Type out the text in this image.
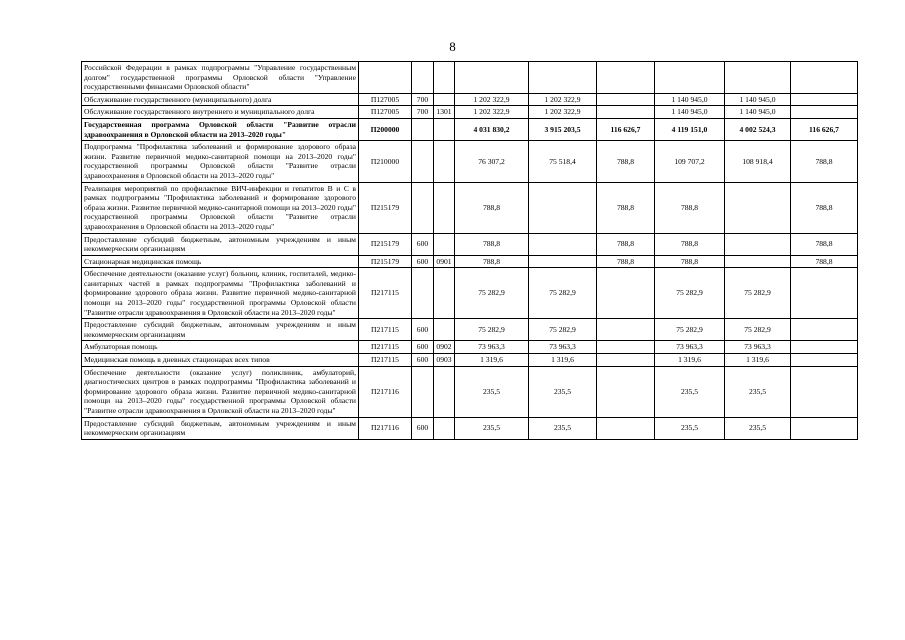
8
Российской Федерации в рамках подпрограммы "Управление государственным долгом" государственной программы Орловской области "Управление государственными финансами Орловской области"									
Обслуживание государственного (муниципального) долга	П127005	700		1 202 322,9	1 202 322,9		1 140 945,0	1 140 945,0	
Обслуживание государственного внутреннего и муниципального долга	П127005	700	1301	1 202 322,9	1 202 322,9		1 140 945,0	1 140 945,0	
Государственная программа Орловской области "Развитие отрасли здравоохранения в Орловской области на 2013–2020 годы"	П200000			4 031 830,2	3 915 203,5	116 626,7	4 119 151,0	4 002 524,3	116 626,7
Подпрограмма "Профилактика заболеваний и формирование здорового образа жизни. Развитие первичной медико-санитарной помощи на 2013–2020 годы" государственной программы Орловской области "Развитие отрасли здравоохранения в Орловской области на 2013–2020 годы"	П210000			76 307,2	75 518,4	788,8	109 707,2	108 918,4	788,8
Реализация мероприятий по профилактике ВИЧ-инфекции и гепатитов В и С в рамках подпрограммы "Профилактика заболеваний и формирование здорового образа жизни. Развитие первичной медико-санитарной помощи на 2013–2020 годы" государственной программы Орловской области "Развитие отрасли здравоохранения в Орловской области на 2013–2020 годы"	П215179			788,8		788,8	788,8		788,8
Предоставление субсидий бюджетным, автономным учреждениям и иным некоммерческим организациям	П215179	600		788,8		788,8	788,8		788,8
Стационарная медицинская помощь	П215179	600	0901	788,8		788,8	788,8		788,8
Обеспечение деятельности (оказание услуг) больниц, клиник, госпиталей, медико-санитарных частей в рамках подпрограммы "Профилактика заболеваний и формирование здорового образа жизни. Развитие первичной медико-санитарной помощи на 2013–2020 годы" государственной программы Орловской области "Развитие отрасли здравоохранения в Орловской области на 2013–2020 годы"	П217115			75 282,9	75 282,9		75 282,9	75 282,9	
Предоставление субсидий бюджетным, автономным учреждениям и иным некоммерческим организациям	П217115	600		75 282,9	75 282,9		75 282,9	75 282,9	
Амбулаторная помощь	П217115	600	0902	73 963,3	73 963,3		73 963,3	73 963,3	
Медицинская помощь в дневных стационарах всех типов	П217115	600	0903	1 319,6	1 319,6		1 319,6	1 319,6	
Обеспечение деятельности (оказание услуг) поликлиник, амбулаторий, диагностических центров в рамках подпрограммы "Профилактика заболеваний и формирование здорового образа жизни. Развитие первичной медико-санитарной помощи на 2013–2020 годы" государственной программы Орловской области "Развитие отрасли здравоохранения в Орловской области на 2013–2020 годы"	П217116			235,5	235,5		235,5	235,5	
Предоставление субсидий бюджетным, автономным учреждениям и иным некоммерческим организациям	П217116	600		235,5	235,5		235,5	235,5	
